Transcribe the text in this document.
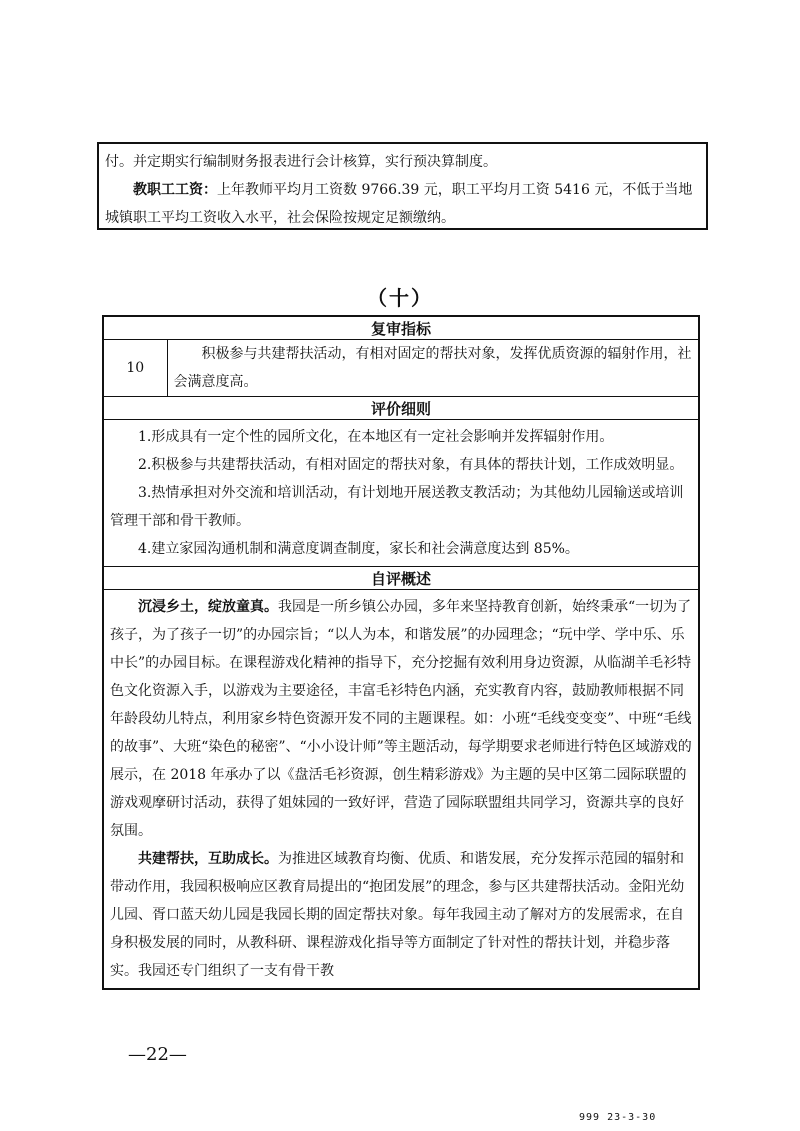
付。并定期实行编制财务报表进行会计核算，实行预决算制度。

教职工工资：上年教师平均月工资数 9766.39 元，职工平均月工资 5416 元，不低于当地城镇职工平均工资收入水平，社会保险按规定足额缴纳。

（十）
复审指标
10	积极参与共建帮扶活动，有相对固定的帮扶对象，发挥优质资源的辐射作用，社会满意度高。
评价细则

1.形成具有一定个性的园所文化，在本地区有一定社会影响并发挥辐射作用。

2.积极参与共建帮扶活动，有相对固定的帮扶对象，有具体的帮扶计划，工作成效明显。

3.热情承担对外交流和培训活动，有计划地开展送教支教活动；为其他幼儿园输送或培训管理干部和骨干教师。

4.建立家园沟通机制和满意度调查制度，家长和社会满意度达到 85%。

自评概述

沉浸乡土，绽放童真。我园是一所乡镇公办园，多年来坚持教育创新，始终秉承“一切为了孩子，为了孩子一切”的办园宗旨；“以人为本，和谐发展”的办园理念；“玩中学、学中乐、乐中长”的办园目标。在课程游戏化精神的指导下，充分挖掘有效利用身边资源，从临湖羊毛衫特色文化资源入手，以游戏为主要途径，丰富毛衫特色内涵，充实教育内容，鼓励教师根据不同年龄段幼儿特点，利用家乡特色资源开发不同的主题课程。如：小班“毛线变变变”、中班“毛线的故事”、大班“染色的秘密”、“小小设计师”等主题活动，每学期要求老师进行特色区域游戏的展示，在 2018 年承办了以《盘活毛衫资源，创生精彩游戏》为主题的吴中区第二园际联盟的游戏观摩研讨活动，获得了姐妹园的一致好评，营造了园际联盟组共同学习，资源共享的良好氛围。

共建帮扶，互助成长。为推进区域教育均衡、优质、和谐发展，充分发挥示范园的辐射和带动作用，我园积极响应区教育局提出的“抱团发展”的理念，参与区共建帮扶活动。金阳光幼儿园、胥口蓝天幼儿园是我园长期的固定帮扶对象。每年我园主动了解对方的发展需求，在自身积极发展的同时，从教科研、课程游戏化指导等方面制定了针对性的帮扶计划，并稳步落实。我园还专门组织了一支有骨干教

—22—
999 23-3-30
